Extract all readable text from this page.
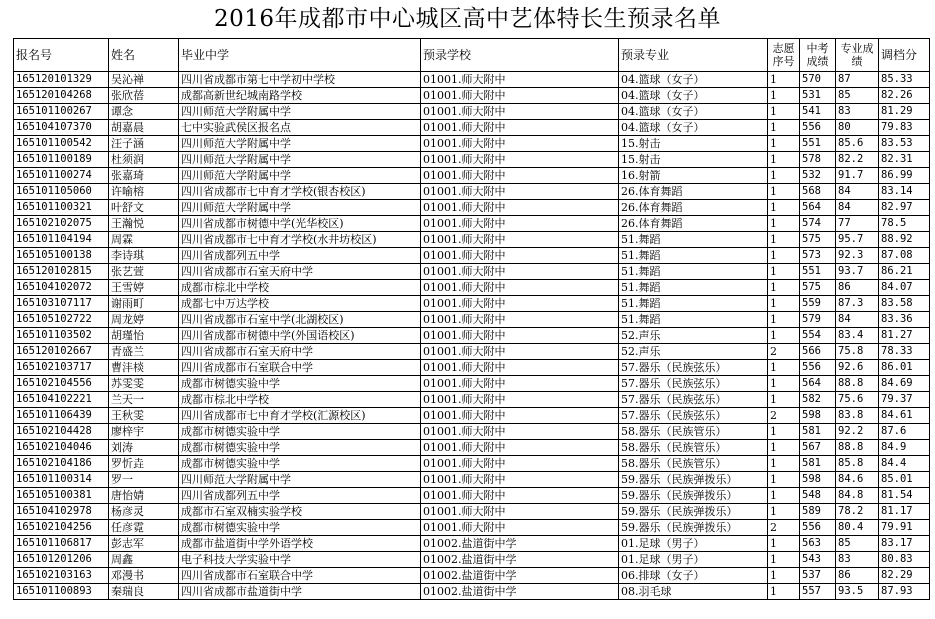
2016年成都市中心城区高中艺体特长生预录名单
报名号	姓名	毕业中学	预录学校	预录专业	志愿序号	中考成绩	专业成绩	调档分
165120101329	吴沁禅	四川省成都市第七中学初中学校	01001.师大附中	04.篮球（女子）	1	570	87	85.33
165120104268	张欣蓓	成都高新世纪城南路学校	01001.师大附中	04.篮球（女子）	1	531	85	82.26
165101100267	谭念	四川师范大学附属中学	01001.师大附中	04.篮球（女子）	1	541	83	81.29
165104107370	胡嘉晨	七中实验武侯区报名点	01001.师大附中	04.篮球（女子）	1	556	80	79.83
165101100542	汪子涵	四川师范大学附属中学	01001.师大附中	15.射击	1	551	85.6	83.53
165101100189	杜须润	四川师范大学附属中学	01001.师大附中	15.射击	1	578	82.2	82.31
165101100274	张嘉琦	四川师范大学附属中学	01001.师大附中	16.射箭	1	532	91.7	86.99
165101105060	许喻榕	四川省成都市七中育才学校(银杏校区)	01001.师大附中	26.体育舞蹈	1	568	84	83.14
165101100321	叶舒文	四川师范大学附属中学	01001.师大附中	26.体育舞蹈	1	564	84	82.97
165102102075	王瀚悦	四川省成都市树德中学(光华校区)	01001.师大附中	26.体育舞蹈	1	574	77	78.5
165101104194	周霖	四川省成都市七中育才学校(水井坊校区)	01001.师大附中	51.舞蹈	1	575	95.7	88.92
165105100138	李诗琪	四川省成都列五中学	01001.师大附中	51.舞蹈	1	573	92.3	87.08
165120102815	张艺萱	四川省成都市石室天府中学	01001.师大附中	51.舞蹈	1	551	93.7	86.21
165104102072	王雪婷	成都市棕北中学校	01001.师大附中	51.舞蹈	1	575	86	84.07
165103107117	谢雨町	成都七中万达学校	01001.师大附中	51.舞蹈	1	559	87.3	83.58
165105102722	周龙婷	四川省成都市石室中学(北湖校区)	01001.师大附中	51.舞蹈	1	579	84	83.36
165101103502	胡瑾怡	四川省成都市树德中学(外国语校区)	01001.师大附中	52.声乐	1	554	83.4	81.27
165120102667	青盛兰	四川省成都市石室天府中学	01001.师大附中	52.声乐	2	566	75.8	78.33
165102103717	曹沣棪	四川省成都市石室联合中学	01001.师大附中	57.器乐（民族弦乐）	1	556	92.6	86.01
165102104556	苏雯雯	成都市树德实验中学	01001.师大附中	57.器乐（民族弦乐）	1	564	88.8	84.69
165104102221	兰天一	成都市棕北中学校	01001.师大附中	57.器乐（民族弦乐）	1	582	75.6	79.37
165101106439	王秋雯	四川省成都市七中育才学校(汇源校区)	01001.师大附中	57.器乐（民族弦乐）	2	598	83.8	84.61
165102104428	廖梓宇	成都市树德实验中学	01001.师大附中	58.器乐（民族管乐）	1	581	92.2	87.6
165102104046	刘涛	成都市树德实验中学	01001.师大附中	58.器乐（民族管乐）	1	567	88.8	84.9
165102104186	罗忻垚	成都市树德实验中学	01001.师大附中	58.器乐（民族管乐）	1	581	85.8	84.4
165101100314	罗一	四川师范大学附属中学	01001.师大附中	59.器乐（民族弹拨乐）	1	598	84.6	85.01
165105100381	唐怡婧	四川省成都列五中学	01001.师大附中	59.器乐（民族弹拨乐）	1	548	84.8	81.54
165104102978	杨彦灵	成都市石室双楠实验学校	01001.师大附中	59.器乐（民族弹拨乐）	1	589	78.2	81.17
165102104256	任彦霓	成都市树德实验中学	01001.师大附中	59.器乐（民族弹拨乐）	2	556	80.4	79.91
165101106817	彭志军	成都市盐道街中学外语学校	01002.盐道街中学	01.足球（男子）	1	563	85	83.17
165101201206	周鑫	电子科技大学实验中学	01002.盐道街中学	01.足球（男子）	1	543	83	80.83
165102103163	邓漫书	四川省成都市石室联合中学	01002.盐道街中学	06.排球（女子）	1	537	86	82.29
165101100893	秦瑞良	四川省成都市盐道街中学	01002.盐道街中学	08.羽毛球	1	557	93.5	87.93
